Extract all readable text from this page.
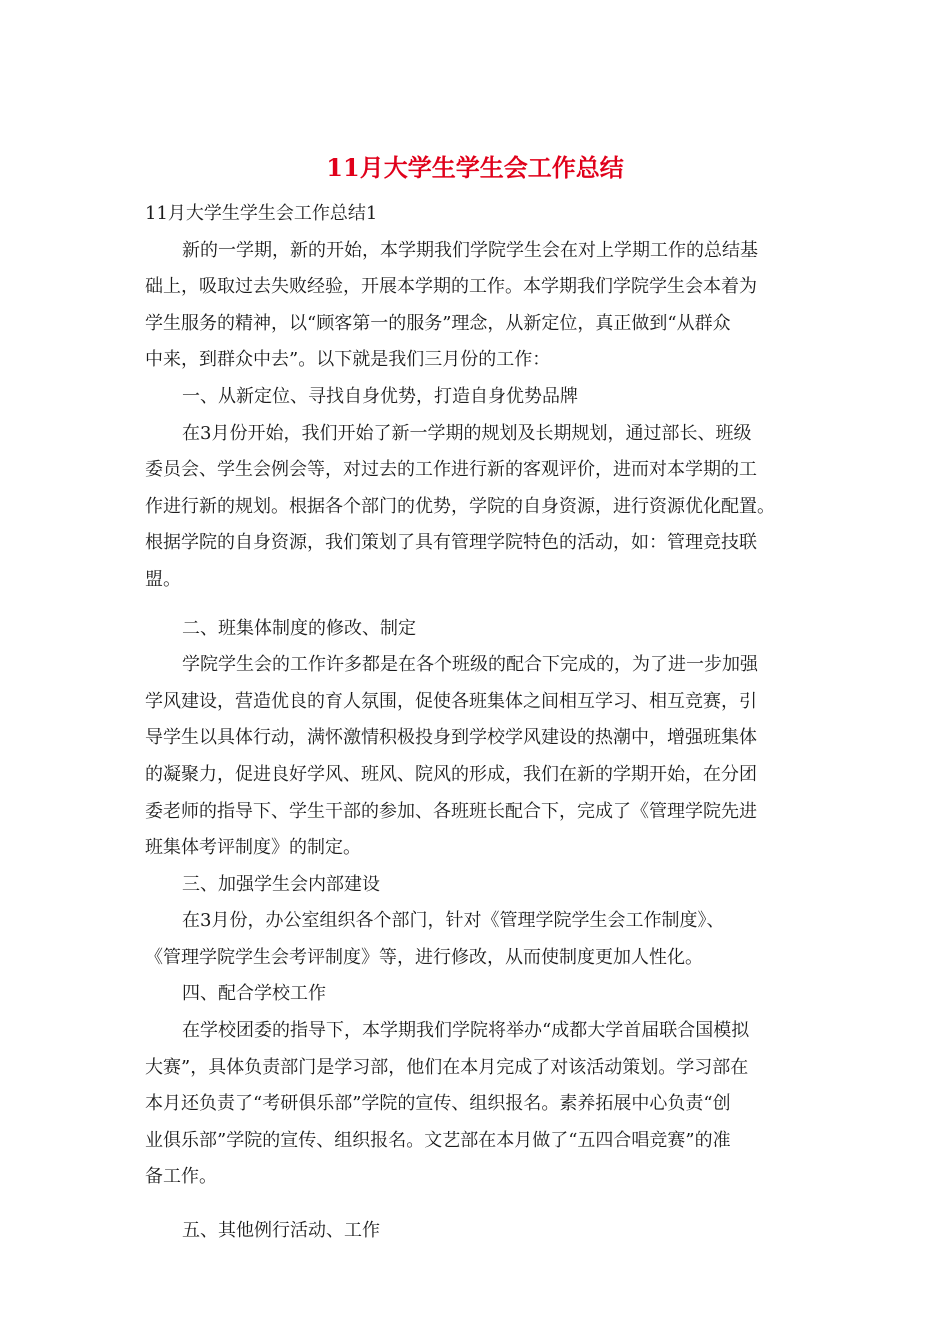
11月大学生学生会工作总结

11月大学生学生会工作总结1

新的一学期，新的开始，本学期我们学院学生会在对上学期工作的总结基

础上，吸取过去失败经验，开展本学期的工作。本学期我们学院学生会本着为

学生服务的精神，以“顾客第一的服务”理念，从新定位，真正做到“从群众

中来，到群众中去”。以下就是我们三月份的工作：

一、从新定位、寻找自身优势，打造自身优势品牌

在3月份开始，我们开始了新一学期的规划及长期规划，通过部长、班级

委员会、学生会例会等，对过去的工作进行新的客观评价，进而对本学期的工

作进行新的规划。根据各个部门的优势，学院的自身资源，进行资源优化配置。

根据学院的自身资源，我们策划了具有管理学院特色的活动，如：管理竞技联

盟。

二、班集体制度的修改、制定

学院学生会的工作许多都是在各个班级的配合下完成的，为了进一步加强

学风建设，营造优良的育人氛围，促使各班集体之间相互学习、相互竞赛，引

导学生以具体行动，满怀激情积极投身到学校学风建设的热潮中，增强班集体

的凝聚力，促进良好学风、班风、院风的形成，我们在新的学期开始，在分团

委老师的指导下、学生干部的参加、各班班长配合下，完成了《管理学院先进

班集体考评制度》的制定。

三、加强学生会内部建设

在3月份，办公室组织各个部门，针对《管理学院学生会工作制度》、

《管理学院学生会考评制度》等，进行修改，从而使制度更加人性化。

四、配合学校工作

在学校团委的指导下，本学期我们学院将举办“成都大学首届联合国模拟

大赛”，具体负责部门是学习部，他们在本月完成了对该活动策划。学习部在

本月还负责了“考研俱乐部”学院的宣传、组织报名。素养拓展中心负责“创

业俱乐部”学院的宣传、组织报名。文艺部在本月做了“五四合唱竞赛”的准

备工作。

五、其他例行活动、工作
